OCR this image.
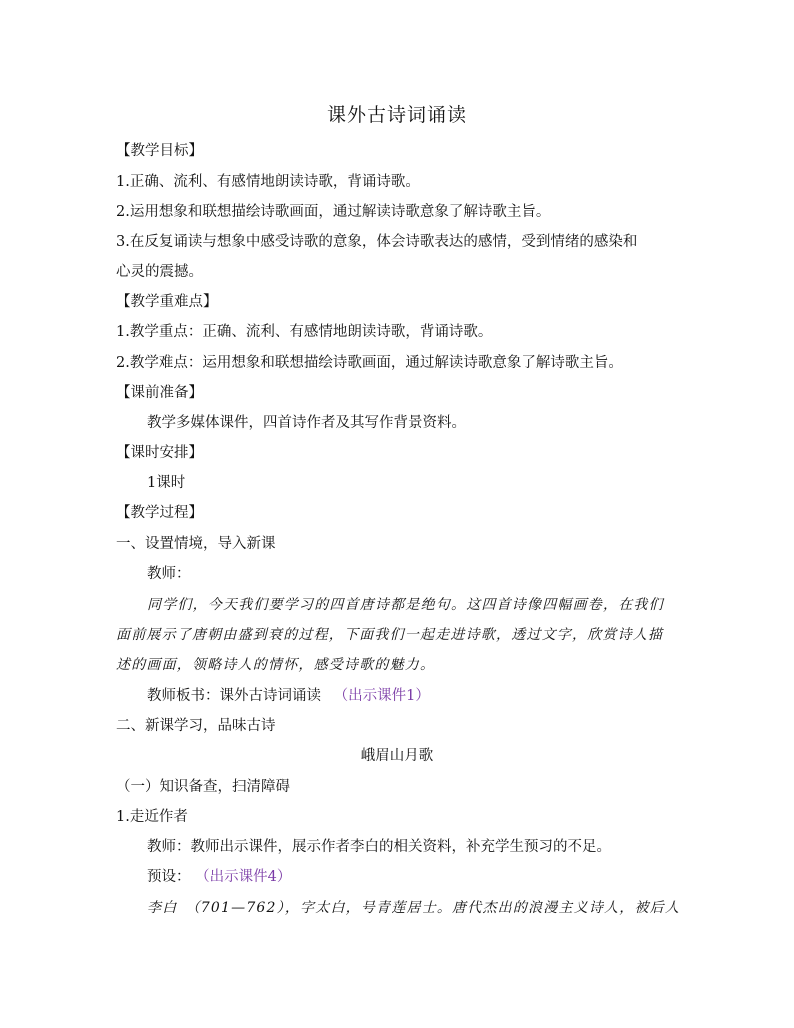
课外古诗词诵读
【教学目标】
1.正确、流利、有感情地朗读诗歌，背诵诗歌。
2.运用想象和联想描绘诗歌画面，通过解读诗歌意象了解诗歌主旨。
3.在反复诵读与想象中感受诗歌的意象，体会诗歌表达的感情，受到情绪的感染和
心灵的震撼。
【教学重难点】
1.教学重点：正确、流利、有感情地朗读诗歌，背诵诗歌。
2.教学难点：运用想象和联想描绘诗歌画面，通过解读诗歌意象了解诗歌主旨。
【课前准备】
教学多媒体课件，四首诗作者及其写作背景资料。
【课时安排】
1课时
【教学过程】
一、设置情境，导入新课
教师：
同学们，今天我们要学习的四首唐诗都是绝句。这四首诗像四幅画卷，在我们
面前展示了唐朝由盛到衰的过程，下面我们一起走进诗歌，透过文字，欣赏诗人描
述的画面，领略诗人的情怀，感受诗歌的魅力。
教师板书：课外古诗词诵读 （出示课件1）
二、新课学习，品味古诗
峨眉山月歌
（一）知识备查，扫清障碍
1.走近作者
教师：教师出示课件，展示作者李白的相关资料，补充学生预习的不足。
预设： （出示课件4）
李白　（701—762），字太白，号青莲居士。唐代杰出的浪漫主义诗人，被后人
